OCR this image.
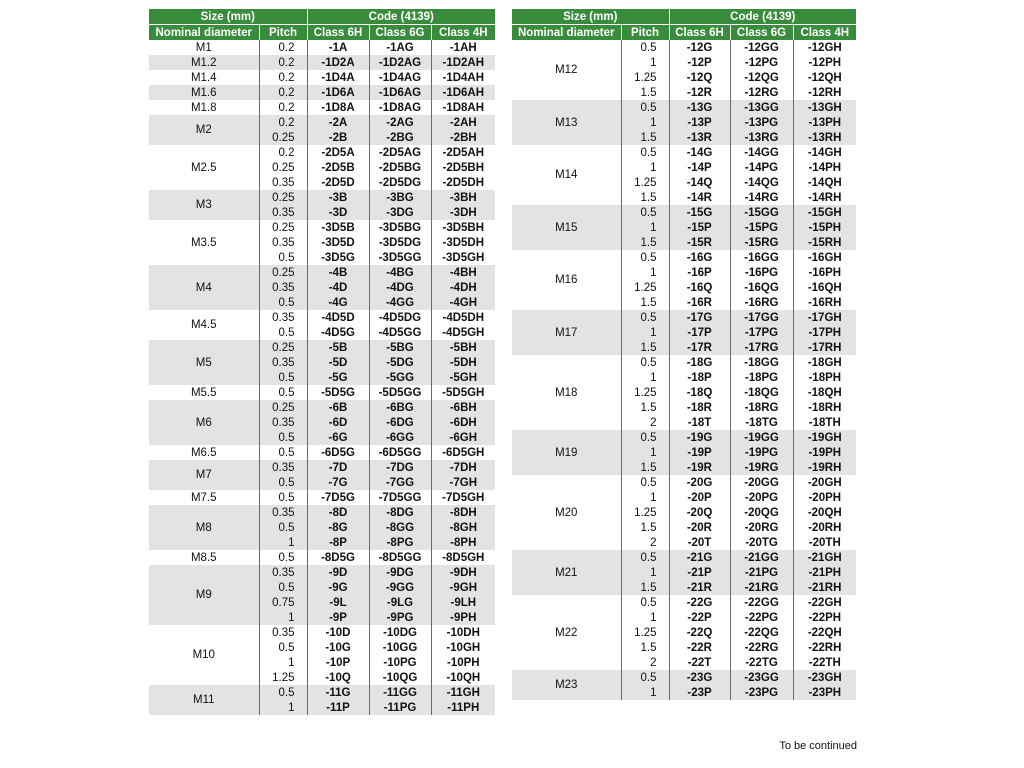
Size (mm)		Code (4139)		
Nominal diameter	Pitch	Class 6H	Class 6G	Class 4H
M1	0.2	-1A	-1AG	-1AH
M1.2	0.2	-1D2A	-1D2AG	-1D2AH
M1.4	0.2	-1D4A	-1D4AG	-1D4AH
M1.6	0.2	-1D6A	-1D6AG	-1D6AH
M1.8	0.2	-1D8A	-1D8AG	-1D8AH
M2	0.2	-2A	-2AG	-2AH
	0.25	-2B	-2BG	-2BH
M2.5	0.2	-2D5A	-2D5AG	-2D5AH
	0.25	-2D5B	-2D5BG	-2D5BH
	0.35	-2D5D	-2D5DG	-2D5DH
M3	0.25	-3B	-3BG	-3BH
	0.35	-3D	-3DG	-3DH
M3.5	0.25	-3D5B	-3D5BG	-3D5BH
	0.35	-3D5D	-3D5DG	-3D5DH
	0.5	-3D5G	-3D5GG	-3D5GH
M4	0.25	-4B	-4BG	-4BH
	0.35	-4D	-4DG	-4DH
	0.5	-4G	-4GG	-4GH
M4.5	0.35	-4D5D	-4D5DG	-4D5DH
	0.5	-4D5G	-4D5GG	-4D5GH
M5	0.25	-5B	-5BG	-5BH
	0.35	-5D	-5DG	-5DH
	0.5	-5G	-5GG	-5GH
M5.5	0.5	-5D5G	-5D5GG	-5D5GH
M6	0.25	-6B	-6BG	-6BH
	0.35	-6D	-6DG	-6DH
	0.5	-6G	-6GG	-6GH
M6.5	0.5	-6D5G	-6D5GG	-6D5GH
M7	0.35	-7D	-7DG	-7DH
	0.5	-7G	-7GG	-7GH
M7.5	0.5	-7D5G	-7D5GG	-7D5GH
M8	0.35	-8D	-8DG	-8DH
	0.5	-8G	-8GG	-8GH
	1	-8P	-8PG	-8PH
M8.5	0.5	-8D5G	-8D5GG	-8D5GH
M9	0.35	-9D	-9DG	-9DH
	0.5	-9G	-9GG	-9GH
	0.75	-9L	-9LG	-9LH
	1	-9P	-9PG	-9PH
M10	0.35	-10D	-10DG	-10DH
	0.5	-10G	-10GG	-10GH
	1	-10P	-10PG	-10PH
	1.25	-10Q	-10QG	-10QH
M11	0.5	-11G	-11GG	-11GH
	1	-11P	-11PG	-11PH
Size (mm)		Code (4139)		
Nominal diameter	Pitch	Class 6H	Class 6G	Class 4H
M12	0.5	-12G	-12GG	-12GH
	1	-12P	-12PG	-12PH
	1.25	-12Q	-12QG	-12QH
	1.5	-12R	-12RG	-12RH
M13	0.5	-13G	-13GG	-13GH
	1	-13P	-13PG	-13PH
	1.5	-13R	-13RG	-13RH
M14	0.5	-14G	-14GG	-14GH
	1	-14P	-14PG	-14PH
	1.25	-14Q	-14QG	-14QH
	1.5	-14R	-14RG	-14RH
M15	0.5	-15G	-15GG	-15GH
	1	-15P	-15PG	-15PH
	1.5	-15R	-15RG	-15RH
M16	0.5	-16G	-16GG	-16GH
	1	-16P	-16PG	-16PH
	1.25	-16Q	-16QG	-16QH
	1.5	-16R	-16RG	-16RH
M17	0.5	-17G	-17GG	-17GH
	1	-17P	-17PG	-17PH
	1.5	-17R	-17RG	-17RH
M18	0.5	-18G	-18GG	-18GH
	1	-18P	-18PG	-18PH
	1.25	-18Q	-18QG	-18QH
	1.5	-18R	-18RG	-18RH
	2	-18T	-18TG	-18TH
M19	0.5	-19G	-19GG	-19GH
	1	-19P	-19PG	-19PH
	1.5	-19R	-19RG	-19RH
M20	0.5	-20G	-20GG	-20GH
	1	-20P	-20PG	-20PH
	1.25	-20Q	-20QG	-20QH
	1.5	-20R	-20RG	-20RH
	2	-20T	-20TG	-20TH
M21	0.5	-21G	-21GG	-21GH
	1	-21P	-21PG	-21PH
	1.5	-21R	-21RG	-21RH
M22	0.5	-22G	-22GG	-22GH
	1	-22P	-22PG	-22PH
	1.25	-22Q	-22QG	-22QH
	1.5	-22R	-22RG	-22RH
	2	-22T	-22TG	-22TH
M23	0.5	-23G	-23GG	-23GH
	1	-23P	-23PG	-23PH
To be continued
